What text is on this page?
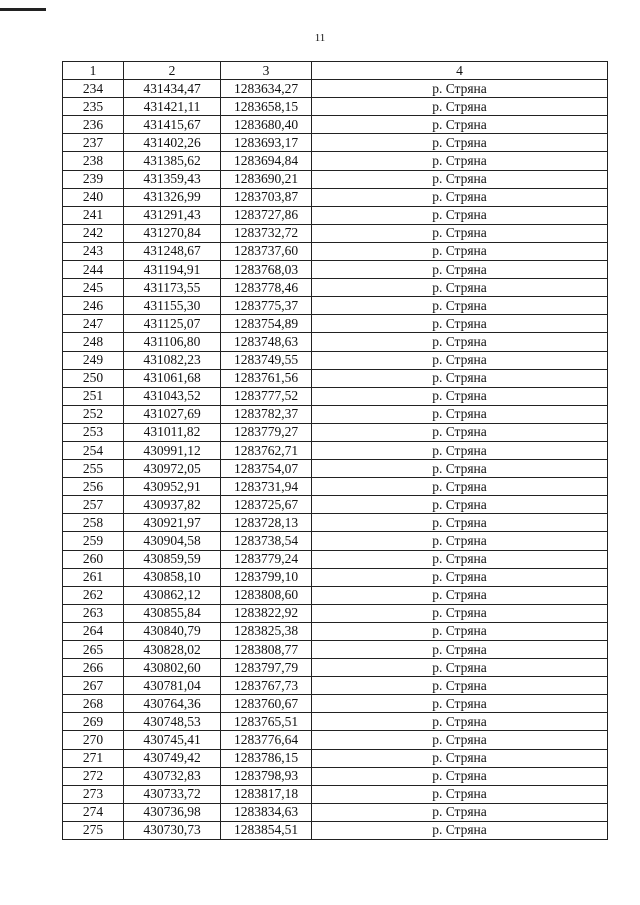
11
1	2	3	4
234	431434,47	1283634,27	р. Стряна
235	431421,11	1283658,15	р. Стряна
236	431415,67	1283680,40	р. Стряна
237	431402,26	1283693,17	р. Стряна
238	431385,62	1283694,84	р. Стряна
239	431359,43	1283690,21	р. Стряна
240	431326,99	1283703,87	р. Стряна
241	431291,43	1283727,86	р. Стряна
242	431270,84	1283732,72	р. Стряна
243	431248,67	1283737,60	р. Стряна
244	431194,91	1283768,03	р. Стряна
245	431173,55	1283778,46	р. Стряна
246	431155,30	1283775,37	р. Стряна
247	431125,07	1283754,89	р. Стряна
248	431106,80	1283748,63	р. Стряна
249	431082,23	1283749,55	р. Стряна
250	431061,68	1283761,56	р. Стряна
251	431043,52	1283777,52	р. Стряна
252	431027,69	1283782,37	р. Стряна
253	431011,82	1283779,27	р. Стряна
254	430991,12	1283762,71	р. Стряна
255	430972,05	1283754,07	р. Стряна
256	430952,91	1283731,94	р. Стряна
257	430937,82	1283725,67	р. Стряна
258	430921,97	1283728,13	р. Стряна
259	430904,58	1283738,54	р. Стряна
260	430859,59	1283779,24	р. Стряна
261	430858,10	1283799,10	р. Стряна
262	430862,12	1283808,60	р. Стряна
263	430855,84	1283822,92	р. Стряна
264	430840,79	1283825,38	р. Стряна
265	430828,02	1283808,77	р. Стряна
266	430802,60	1283797,79	р. Стряна
267	430781,04	1283767,73	р. Стряна
268	430764,36	1283760,67	р. Стряна
269	430748,53	1283765,51	р. Стряна
270	430745,41	1283776,64	р. Стряна
271	430749,42	1283786,15	р. Стряна
272	430732,83	1283798,93	р. Стряна
273	430733,72	1283817,18	р. Стряна
274	430736,98	1283834,63	р. Стряна
275	430730,73	1283854,51	р. Стряна
